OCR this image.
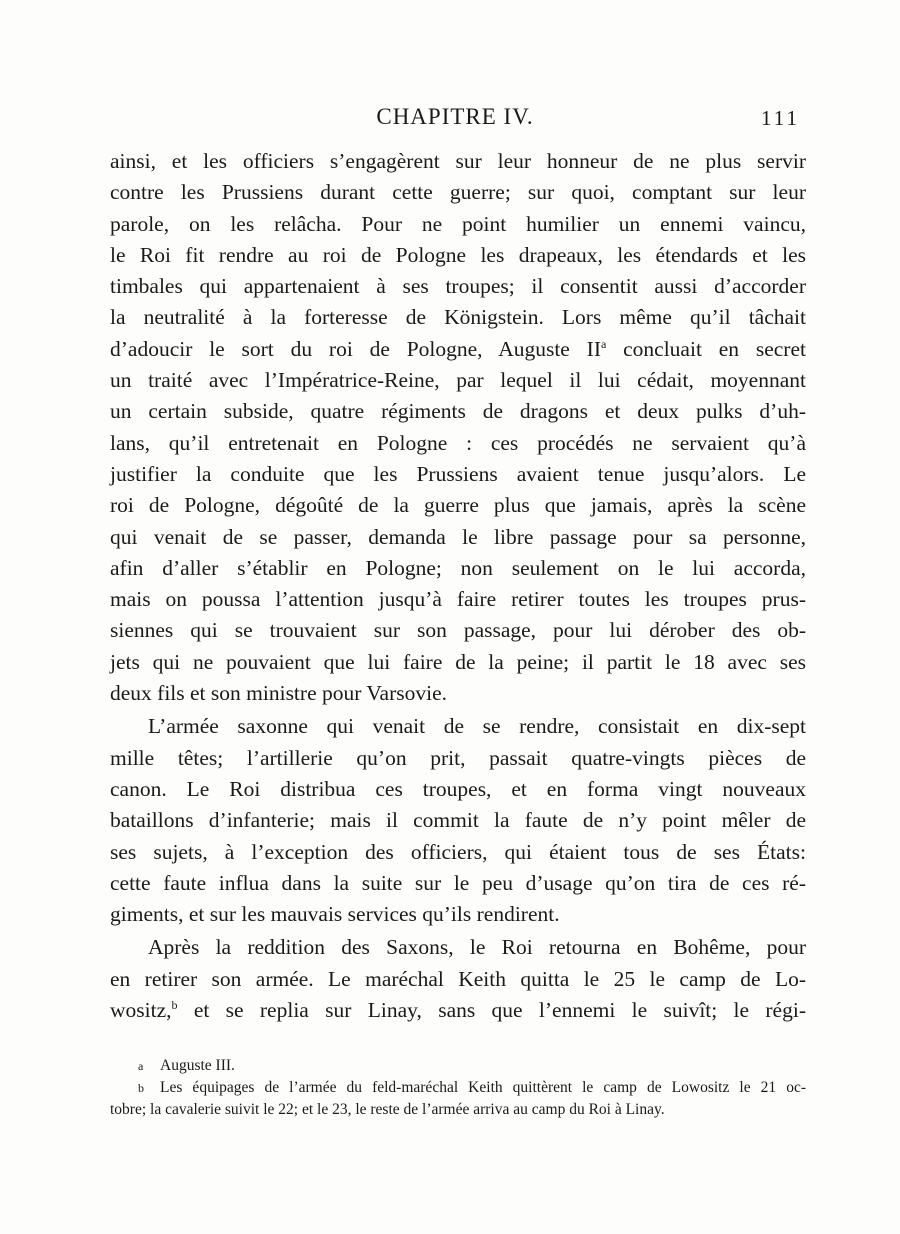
CHAPITRE IV.	111
ainsi, et les officiers s’engagèrent sur leur honneur de ne plus servir
contre les Prussiens durant cette guerre; sur quoi, comptant sur leur
parole, on les relâcha. Pour ne point humilier un ennemi vaincu,
le Roi fit rendre au roi de Pologne les drapeaux, les étendards et les
timbales qui appartenaient à ses troupes; il consentit aussi d’accorder
la neutralité à la forteresse de Königstein. Lors même qu’il tâchait
d’adoucir le sort du roi de Pologne, Auguste II$^a$ concluait en secret
un traité avec l’Impératrice-Reine, par lequel il lui cédait, moyennant
un certain subside, quatre régiments de dragons et deux pulks d’uh-
lans, qu’il entretenait en Pologne : ces procédés ne servaient qu’à
justifier la conduite que les Prussiens avaient tenue jusqu’alors. Le
roi de Pologne, dégoûté de la guerre plus que jamais, après la scène
qui venait de se passer, demanda le libre passage pour sa personne,
afin d’aller s’établir en Pologne; non seulement on le lui accorda,
mais on poussa l’attention jusqu’à faire retirer toutes les troupes prus-
siennes qui se trouvaient sur son passage, pour lui dérober des ob-
jets qui ne pouvaient que lui faire de la peine; il partit le 18 avec ses
deux fils et son ministre pour Varsovie.
L’armée saxonne qui venait de se rendre, consistait en dix-sept
mille têtes; l’artillerie qu’on prit, passait quatre-vingts pièces de
canon. Le Roi distribua ces troupes, et en forma vingt nouveaux
bataillons d’infanterie; mais il commit la faute de n’y point mêler de
ses sujets, à l’exception des officiers, qui étaient tous de ses États:
cette faute influa dans la suite sur le peu d’usage qu’on tira de ces ré-
giments, et sur les mauvais services qu’ils rendirent.
Après la reddition des Saxons, le Roi retourna en Bohême, pour
en retirer son armée. Le maréchal Keith quitta le 25 le camp de Lo-
wositz,$^b$ et se replia sur Linay, sans que l’ennemi le suivît; le régi-
a Auguste III.
b Les équipages de l’armée du feld-maréchal Keith quittèrent le camp de Lowositz le 21 oc-
tobre; la cavalerie suivit le 22; et le 23, le reste de l’armée arriva au camp du Roi à Linay.
